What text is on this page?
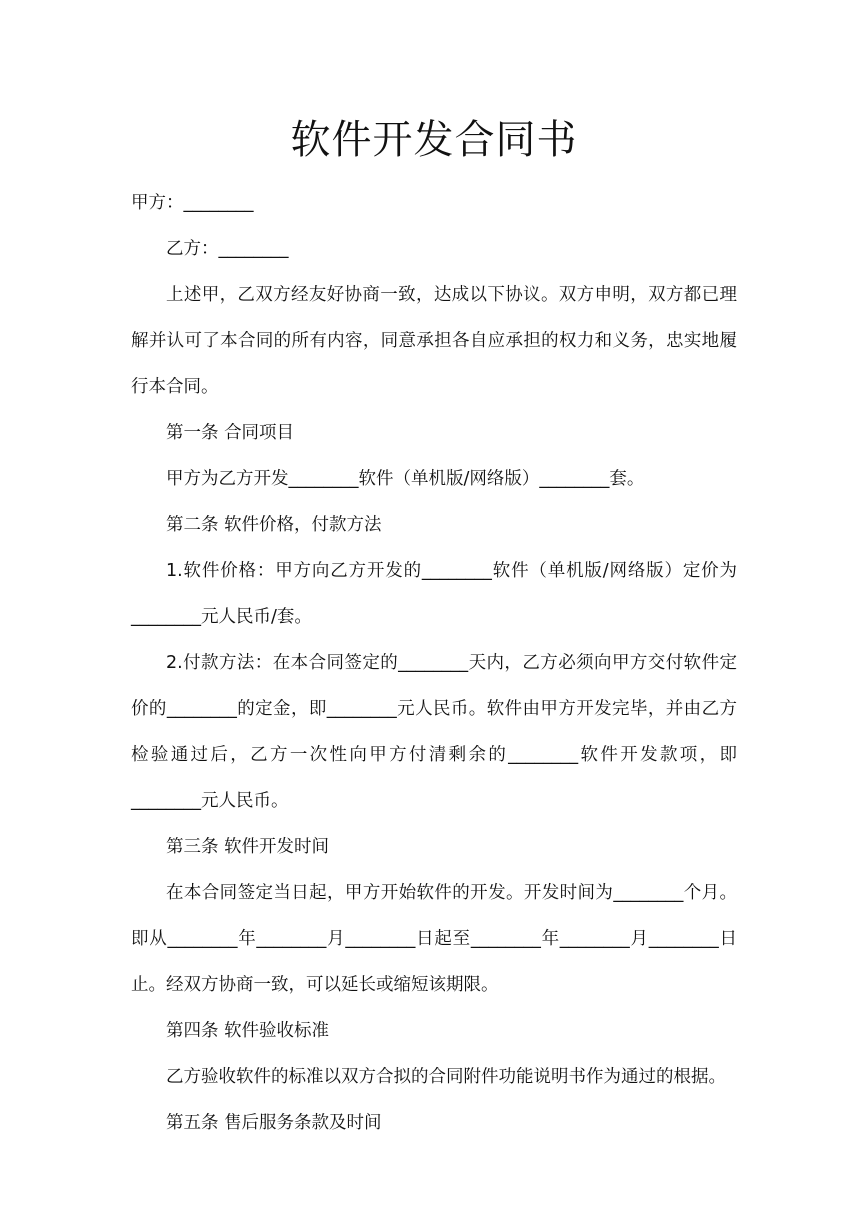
软件开发合同书

甲方：________

乙方：________

上述甲，乙双方经友好协商一致，达成以下协议。双方申明，双方都已理解并认可了本合同的所有内容，同意承担各自应承担的权力和义务，忠实地履行本合同。

第一条 合同项目

甲方为乙方开发________软件（单机版/网络版）________套。

第二条 软件价格，付款方法

1.软件价格：甲方向乙方开发的________软件（单机版/网络版）定价为________元人民币/套。

2.付款方法：在本合同签定的________天内，乙方必须向甲方交付软件定价的________的定金，即________元人民币。软件由甲方开发完毕，并由乙方检验通过后，乙方一次性向甲方付清剩余的________软件开发款项，即________元人民币。

第三条 软件开发时间

在本合同签定当日起，甲方开始软件的开发。开发时间为________个月。即从________年________月________日起至________年________月________日止。经双方协商一致，可以延长或缩短该期限。

第四条 软件验收标准

乙方验收软件的标准以双方合拟的合同附件功能说明书作为通过的根据。

第五条 售后服务条款及时间
